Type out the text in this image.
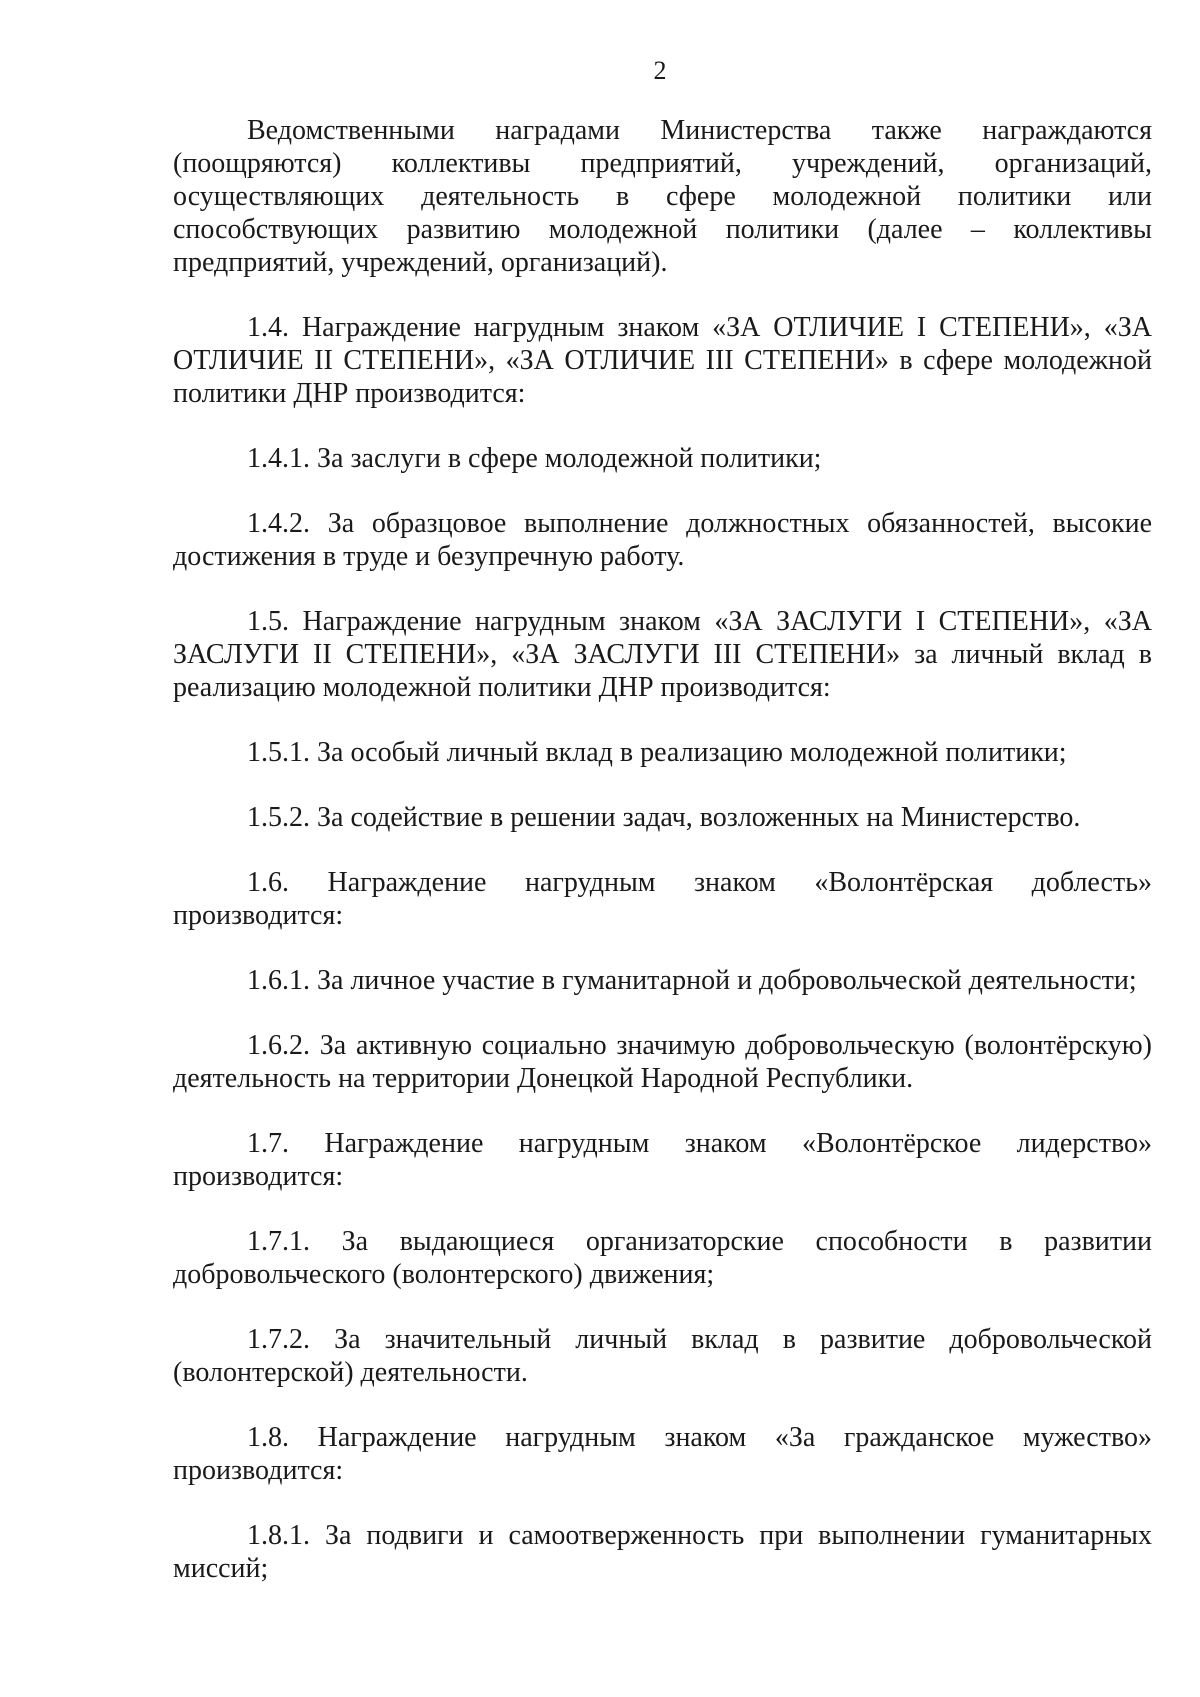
2

Ведомственными наградами Министерства также награждаются (поощряются) коллективы предприятий, учреждений, организаций, осуществляющих деятельность в сфере молодежной политики или способствующих развитию молодежной политики (далее – коллективы предприятий, учреждений, организаций).

1.4. Награждение нагрудным знаком «ЗА ОТЛИЧИЕ I СТЕПЕНИ», «ЗА ОТЛИЧИЕ II СТЕПЕНИ», «ЗА ОТЛИЧИЕ III СТЕПЕНИ» в сфере молодежной политики ДНР производится:

1.4.1. За заслуги в сфере молодежной политики;

1.4.2. За образцовое выполнение должностных обязанностей, высокие достижения в труде и безупречную работу.

1.5. Награждение нагрудным знаком «ЗА ЗАСЛУГИ I СТЕПЕНИ», «ЗА ЗАСЛУГИ II СТЕПЕНИ», «ЗА ЗАСЛУГИ III СТЕПЕНИ» за личный вклад в реализацию молодежной политики ДНР производится:

1.5.1. За особый личный вклад в реализацию молодежной политики;

1.5.2. За содействие в решении задач, возложенных на Министерство.

1.6. Награждение нагрудным знаком «Волонтёрская доблесть» производится:

1.6.1. За личное участие в гуманитарной и добровольческой деятельности;

1.6.2. За активную социально значимую добровольческую (волонтёрскую) деятельность на территории Донецкой Народной Республики.

1.7. Награждение нагрудным знаком «Волонтёрское лидерство» производится:

1.7.1. За выдающиеся организаторские способности в развитии добровольческого (волонтерского) движения;

1.7.2. За значительный личный вклад в развитие добровольческой (волонтерской) деятельности.

1.8. Награждение нагрудным знаком «За гражданское мужество» производится:

1.8.1. За подвиги и самоотверженность при выполнении гуманитарных миссий;
